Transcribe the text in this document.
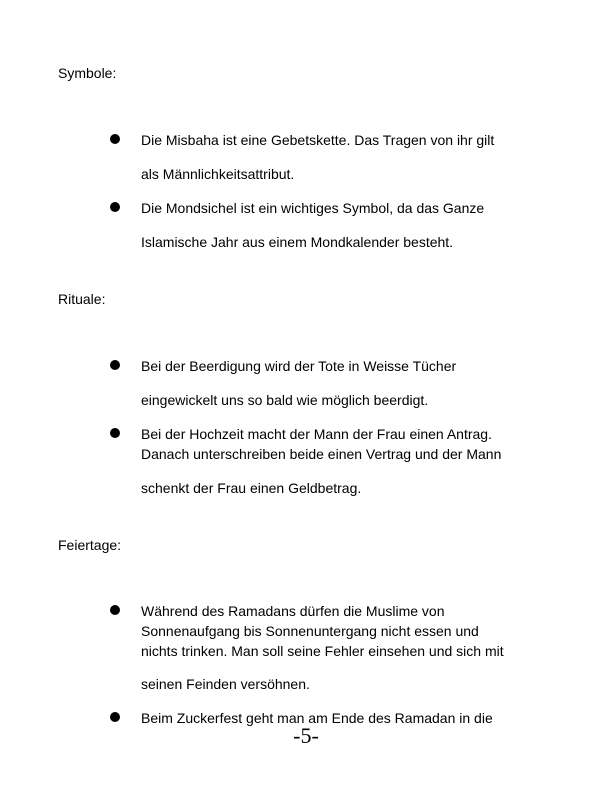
Symbole:
Die Misbaha ist eine Gebetskette. Das Tragen von ihr gilt
als Männlichkeitsattribut.
Die Mondsichel ist ein wichtiges Symbol, da das Ganze
Islamische Jahr aus einem Mondkalender besteht.
Rituale:
Bei der Beerdigung wird der Tote in Weisse Tücher
eingewickelt uns so bald wie möglich beerdigt.
Bei der Hochzeit macht der Mann der Frau einen Antrag.
Danach unterschreiben beide einen Vertrag und der Mann
schenkt der Frau einen Geldbetrag.
Feiertage:
Während des Ramadans dürfen die Muslime von
Sonnenaufgang bis Sonnenuntergang nicht essen und
nichts trinken. Man soll seine Fehler einsehen und sich mit
seinen Feinden versöhnen.
Beim Zuckerfest geht man am Ende des Ramadan in die
-5-
